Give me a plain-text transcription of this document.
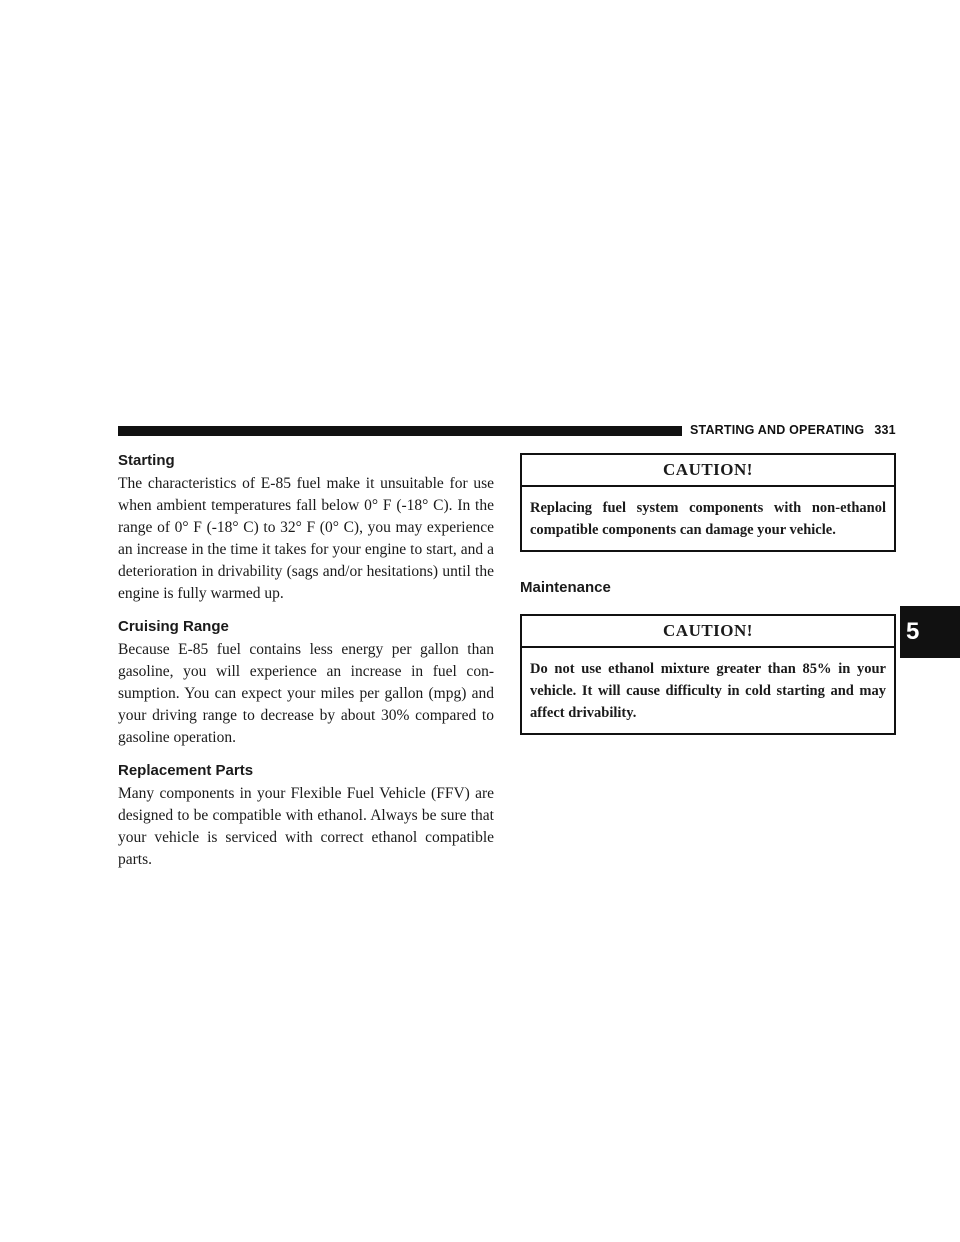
STARTING AND OPERATING 331
Starting

The characteristics of E-85 fuel make it unsuitable for use when ambient temperatures fall below 0° F (-18° C). In the range of 0° F (-18° C) to 32° F (0° C), you may experience an increase in the time it takes for your engine to start, and a deterioration in drivability (sags and/or hesitations) until the engine is fully warmed up.

Cruising Range

Because E-85 fuel contains less energy per gallon than gasoline, you will experience an increase in fuel consumption. You can expect your miles per gallon (mpg) and your driving range to decrease by about 30% compared to gasoline operation.

Replacement Parts

Many components in your Flexible Fuel Vehicle (FFV) are designed to be compatible with ethanol. Always be sure that your vehicle is serviced with correct ethanol compatible parts.

CAUTION!
Replacing fuel system components with non-ethanol compatible components can damage your vehicle.
Maintenance
CAUTION!
Do not use ethanol mixture greater than 85% in your vehicle. It will cause difficulty in cold starting and may affect drivability.
5
